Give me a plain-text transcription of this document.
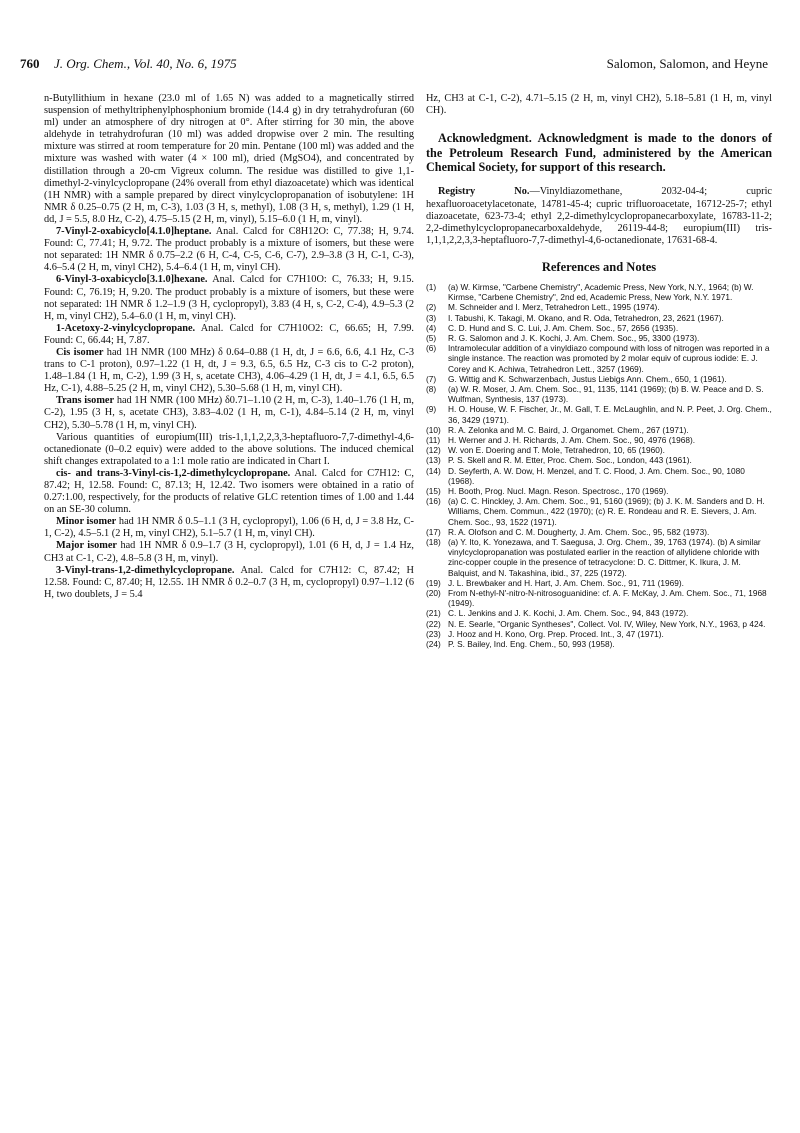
760 J. Org. Chem., Vol. 40, No. 6, 1975	Salomon, Salomon, and Heyne

n-Butyllithium in hexane (23.0 ml of 1.65 N) was added to a magnetically stirred suspension of methyltriphenylphosphonium bromide (14.4 g) in dry tetrahydrofuran (60 ml) under an atmosphere of dry nitrogen at 0°. After stirring for 30 min, the above aldehyde in tetrahydrofuran (10 ml) was added dropwise over 2 min. The resulting mixture was stirred at room temperature for 20 min. Pentane (100 ml) was added and the mixture was washed with water (4 × 100 ml), dried (MgSO4), and concentrated by distillation through a 20-cm Vigreux column. The residue was distilled to give 1,1-dimethyl-2-vinylcyclopropane (24% overall from ethyl diazoacetate) which was identical (1H NMR) with a sample prepared by direct vinylcyclopropanation of isobutylene: 1H NMR δ 0.25–0.75 (2 H, m, C-3), 1.03 (3 H, s, methyl), 1.08 (3 H, s, methyl), 1.29 (1 H, dd, J = 5.5, 8.0 Hz, C-2), 4.75–5.15 (2 H, m, vinyl), 5.15–6.0 (1 H, m, vinyl).

7-Vinyl-2-oxabicyclo[4.1.0]heptane. Anal. Calcd for C8H12O: C, 77.38; H, 9.74. Found: C, 77.41; H, 9.72. The product probably is a mixture of isomers, but these were not separated: 1H NMR δ 0.75–2.2 (6 H, C-4, C-5, C-6, C-7), 2.9–3.8 (3 H, C-1, C-3), 4.6–5.4 (2 H, m, vinyl CH2), 5.4–6.4 (1 H, m, vinyl CH).

6-Vinyl-3-oxabicyclo[3.1.0]hexane. Anal. Calcd for C7H10O: C, 76.33; H, 9.15. Found: C, 76.19; H, 9.20. The product probably is a mixture of isomers, but these were not separated: 1H NMR δ 1.2–1.9 (3 H, cyclopropyl), 3.83 (4 H, s, C-2, C-4), 4.9–5.3 (2 H, m, vinyl CH2), 5.4–6.0 (1 H, m, vinyl CH).

1-Acetoxy-2-vinylcyclopropane. Anal. Calcd for C7H10O2: C, 66.65; H, 7.99. Found: C, 66.44; H, 7.87.

Cis isomer had 1H NMR (100 MHz) δ 0.64–0.88 (1 H, dt, J = 6.6, 6.6, 4.1 Hz, C-3 trans to C-1 proton), 0.97–1.22 (1 H, dt, J = 9.3, 6.5, 6.5 Hz, C-3 cis to C-2 proton), 1.48–1.84 (1 H, m, C-2), 1.99 (3 H, s, acetate CH3), 4.06–4.29 (1 H, dt, J = 4.1, 6.5, 6.5 Hz, C-1), 4.88–5.25 (2 H, m, vinyl CH2), 5.30–5.68 (1 H, m, vinyl CH).

Trans isomer had 1H NMR (100 MHz) δ0.71–1.10 (2 H, m, C-3), 1.40–1.76 (1 H, m, C-2), 1.95 (3 H, s, acetate CH3), 3.83–4.02 (1 H, m, C-1), 4.84–5.14 (2 H, m, vinyl CH2), 5.30–5.78 (1 H, m, vinyl CH).

Various quantities of europium(III) tris-1,1,1,2,2,3,3-heptafluoro-7,7-dimethyl-4,6-octanedionate (0–0.2 equiv) were added to the above solutions. The induced chemical shift changes extrapolated to a 1:1 mole ratio are indicated in Chart I.

cis- and trans-3-Vinyl-cis-1,2-dimethylcyclopropane. Anal. Calcd for C7H12: C, 87.42; H, 12.58. Found: C, 87.13; H, 12.42. Two isomers were obtained in a ratio of 0.27:1.00, respectively, for the products of relative GLC retention times of 1.00 and 1.44 on an SE-30 column.

Minor isomer had 1H NMR δ 0.5–1.1 (3 H, cyclopropyl), 1.06 (6 H, d, J = 3.8 Hz, C-1, C-2), 4.5–5.1 (2 H, m, vinyl CH2), 5.1–5.7 (1 H, m, vinyl CH).

Major isomer had 1H NMR δ 0.9–1.7 (3 H, cyclopropyl), 1.01 (6 H, d, J = 1.4 Hz, CH3 at C-1, C-2), 4.8–5.8 (3 H, m, vinyl).

3-Vinyl-trans-1,2-dimethylcyclopropane. Anal. Calcd for C7H12: C, 87.42; H 12.58. Found: C, 87.40; H, 12.55. 1H NMR δ 0.2–0.7 (3 H, m, cyclopropyl) 0.97–1.12 (6 H, two doublets, J = 5.4

Hz, CH3 at C-1, C-2), 4.71–5.15 (2 H, m, vinyl CH2), 5.18–5.81 (1 H, m, vinyl CH).

Acknowledgment. Acknowledgment is made to the donors of the Petroleum Research Fund, administered by the American Chemical Society, for support of this research.

Registry No.—Vinyldiazomethane, 2032-04-4; cupric hexafluoroacetylacetonate, 14781-45-4; cupric trifluoroacetate, 16712-25-7; ethyl diazoacetate, 623-73-4; ethyl 2,2-dimethylcyclopropanecarboxylate, 16783-11-2; 2,2-dimethylcyclopropanecarboxaldehyde, 26119-44-8; europium(III) tris-1,1,1,2,2,3,3-heptafluoro-7,7-dimethyl-4,6-octanedionate, 17631-68-4.

References and Notes
(1)	(a) W. Kirmse, "Carbene Chemistry", Academic Press, New York, N.Y., 1964; (b) W. Kirmse, "Carbene Chemistry", 2nd ed, Academic Press, New York, N.Y. 1971.
(2)	M. Schneider and I. Merz, Tetrahedron Lett., 1995 (1974).
(3)	I. Tabushi, K. Takagi, M. Okano, and R. Oda, Tetrahedron, 23, 2621 (1967).
(4)	C. D. Hund and S. C. Lui, J. Am. Chem. Soc., 57, 2656 (1935).
(5)	R. G. Salomon and J. K. Kochi, J. Am. Chem. Soc., 95, 3300 (1973).
(6)	Intramolecular addition of a vinyldiazo compound with loss of nitrogen was reported in a single instance. The reaction was promoted by 2 molar equiv of cuprous iodide: E. J. Corey and K. Achiwa, Tetrahedron Lett., 3257 (1969).
(7)	G. Wittig and K. Schwarzenbach, Justus Liebigs Ann. Chem., 650, 1 (1961).
(8)	(a) W. R. Moser, J. Am. Chem. Soc., 91, 1135, 1141 (1969); (b) B. W. Peace and D. S. Wulfman, Synthesis, 137 (1973).
(9)	H. O. House, W. F. Fischer, Jr., M. Gall, T. E. McLaughlin, and N. P. Peet, J. Org. Chem., 36, 3429 (1971).
(10) R. A. Zelonka and M. C. Baird, J. Organomet. Chem., 267 (1971).
(11) H. Werner and J. H. Richards, J. Am. Chem. Soc., 90, 4976 (1968).
(12) W. von E. Doering and T. Mole, Tetrahedron, 10, 65 (1960).
(13) P. S. Skell and R. M. Etter, Proc. Chem. Soc., London, 443 (1961).
(14) D. Seyferth, A. W. Dow, H. Menzel, and T. C. Flood, J. Am. Chem. Soc., 90, 1080 (1968).
(15) H. Booth, Prog. Nucl. Magn. Reson. Spectrosc., 170 (1969).
(16) (a) C. C. Hinckley, J. Am. Chem. Soc., 91, 5160 (1969); (b) J. K. M. Sanders and D. H. Williams, Chem. Commun., 422 (1970); (c) R. E. Rondeau and R. E. Sievers, J. Am. Chem. Soc., 93, 1522 (1971).
(17) R. A. Olofson and C. M. Dougherty, J. Am. Chem. Soc., 95, 582 (1973).
(18) (a) Y. Ito, K. Yonezawa, and T. Saegusa, J. Org. Chem., 39, 1763 (1974). (b) A similar vinylcyclopropanation was postulated earlier in the reaction of allylidene chloride with zinc-copper couple in the presence of tetracyclone: D. C. Dittmer, K. Ikura, J. M. Balquist, and N. Takashina, ibid., 37, 225 (1972).
(19) J. L. Brewbaker and H. Hart, J. Am. Chem. Soc., 91, 711 (1969).
(20) From N-ethyl-N'-nitro-N-nitrosoguanidine: cf. A. F. McKay, J. Am. Chem. Soc., 71, 1968 (1949).
(21) C. L. Jenkins and J. K. Kochi, J. Am. Chem. Soc., 94, 843 (1972).
(22) N. E. Searle, "Organic Syntheses", Collect. Vol. IV, Wiley, New York, N.Y., 1963, p 424.
(23) J. Hooz and H. Kono, Org. Prep. Proced. Int., 3, 47 (1971).
(24) P. S. Bailey, Ind. Eng. Chem., 50, 993 (1958).
